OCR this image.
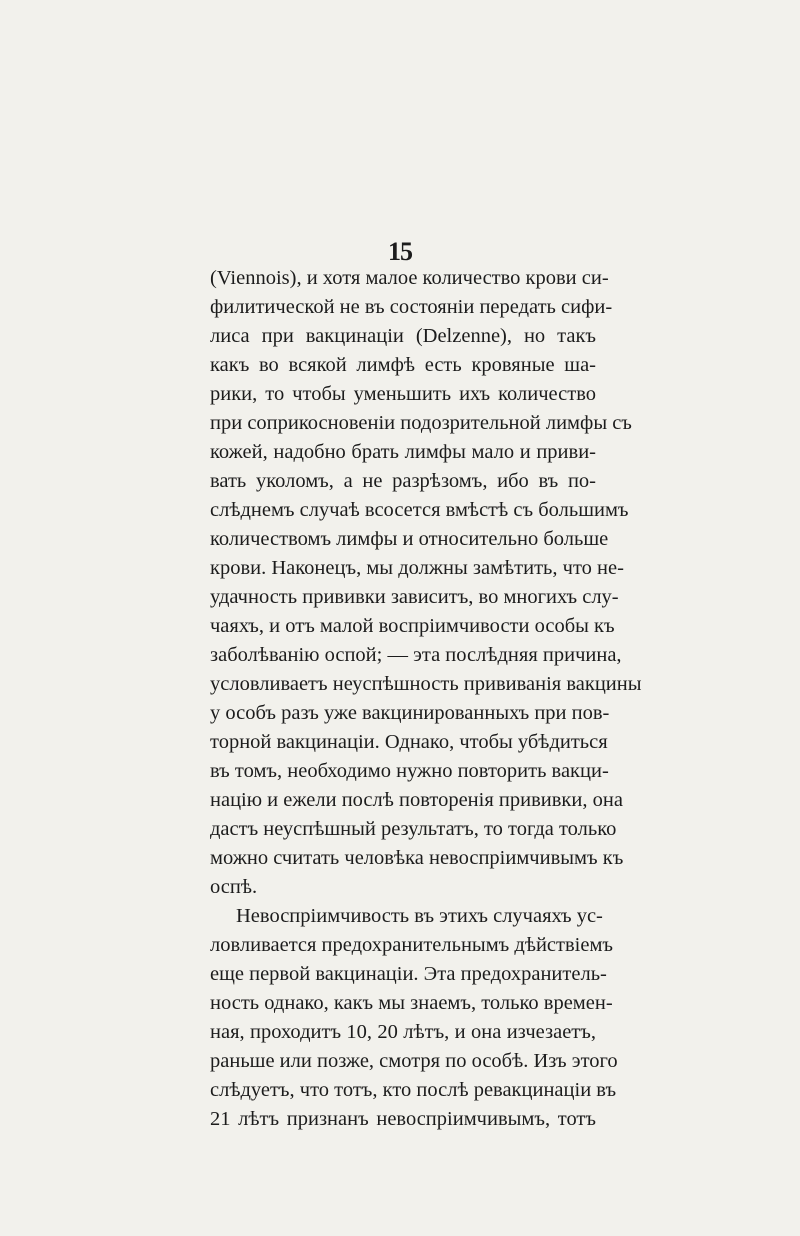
15
(Viennois), и хотя малое количество крови си-
филитической не въ состояніи передать сифи-
лиса при вакцинаціи (Delzenne), но такъ
какъ во всякой лимфѣ есть кровяные ша-
рики, то чтобы уменьшить ихъ количество
при соприкосновеніи подозрительной лимфы съ
кожей, надобно брать лимфы мало и приви-
вать уколомъ, а не разрѣзомъ, ибо въ по-
слѣднемъ случаѣ всосется вмѣстѣ съ большимъ
количествомъ лимфы и относительно больше
крови. Наконецъ, мы должны замѣтить, что не-
удачность прививки зависитъ, во многихъ слу-
чаяхъ, и отъ малой воспріимчивости особы къ
заболѣванію оспой; — эта послѣдняя причина,
условливаетъ неуспѣшность прививанія вакцины
у особъ разъ уже вакцинированныхъ при пов-
торной вакцинаціи. Однако, чтобы убѣдиться
въ томъ, необходимо нужно повторить вакци-
націю и ежели послѣ повторенія прививки, она
дастъ неуспѣшный результатъ, то тогда только
можно считать человѣка невоспріимчивымъ къ
оспѣ.
Невоспріимчивость въ этихъ случаяхъ ус-
ловливается предохранительнымъ дѣйствіемъ
еще первой вакцинаціи. Эта предохранитель-
ность однако, какъ мы знаемъ, только времен-
ная, проходитъ 10, 20 лѣтъ, и она изчезаетъ,
раньше или позже, смотря по особѣ. Изъ этого
слѣдуетъ, что тотъ, кто послѣ ревакцинаціи въ
21 лѣтъ признанъ невоспріимчивымъ, тотъ
